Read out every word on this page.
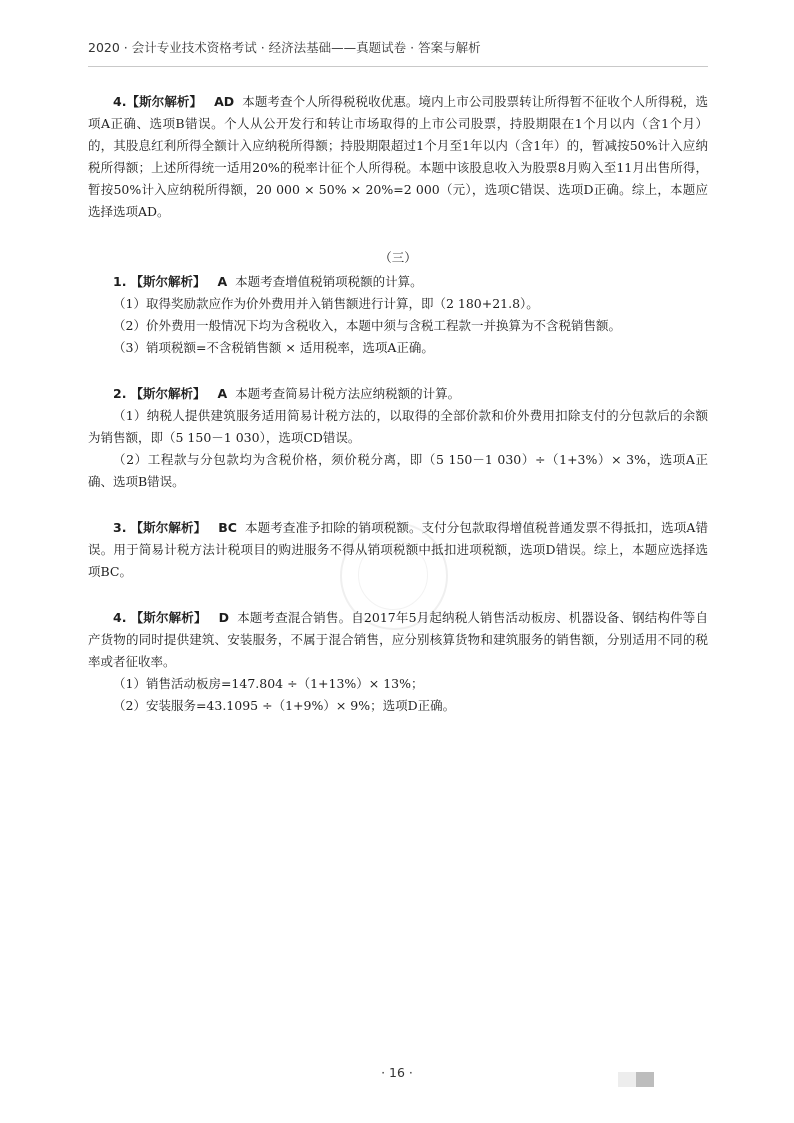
2020 · 会计专业技术资格考试 · 经济法基础——真题试卷 · 答案与解析

4.【斯尔解析】 AD 本题考查个人所得税税收优惠。境内上市公司股票转让所得暂不征收个人所得税，选项A正确、选项B错误。个人从公开发行和转让市场取得的上市公司股票，持股期限在1个月以内（含1个月）的，其股息红利所得全额计入应纳税所得额；持股期限超过1个月至1年以内（含1年）的，暂减按50%计入应纳税所得额；上述所得统一适用20%的税率计征个人所得税。本题中该股息收入为股票8月购入至11月出售所得，暂按50%计入应纳税所得额，20 000 × 50% × 20%=2 000（元），选项C错误、选项D正确。综上，本题应选择选项AD。

（三）

1. 【斯尔解析】 A 本题考查增值税销项税额的计算。

（1）取得奖励款应作为价外费用并入销售额进行计算，即（2 180+21.8）。

（2）价外费用一般情况下均为含税收入，本题中须与含税工程款一并换算为不含税销售额。

（3）销项税额=不含税销售额 × 适用税率，选项A正确。

2. 【斯尔解析】 A 本题考查简易计税方法应纳税额的计算。

（1）纳税人提供建筑服务适用简易计税方法的，以取得的全部价款和价外费用扣除支付的分包款后的余额为销售额，即（5 150－1 030），选项CD错误。

（2）工程款与分包款均为含税价格，须价税分离，即（5 150－1 030）÷（1+3%）× 3%，选项A正确、选项B错误。

3. 【斯尔解析】 BC 本题考查准予扣除的销项税额。支付分包款取得增值税普通发票不得抵扣，选项A错误。用于简易计税方法计税项目的购进服务不得从销项税额中抵扣进项税额，选项D错误。综上，本题应选择选项BC。

4. 【斯尔解析】 D 本题考查混合销售。自2017年5月起纳税人销售活动板房、机器设备、钢结构件等自产货物的同时提供建筑、安装服务，不属于混合销售，应分别核算货物和建筑服务的销售额，分别适用不同的税率或者征收率。

（1）销售活动板房=147.804 ÷（1+13%）× 13%；

（2）安装服务=43.1095 ÷（1+9%）× 9%；选项D正确。

· 16 ·
